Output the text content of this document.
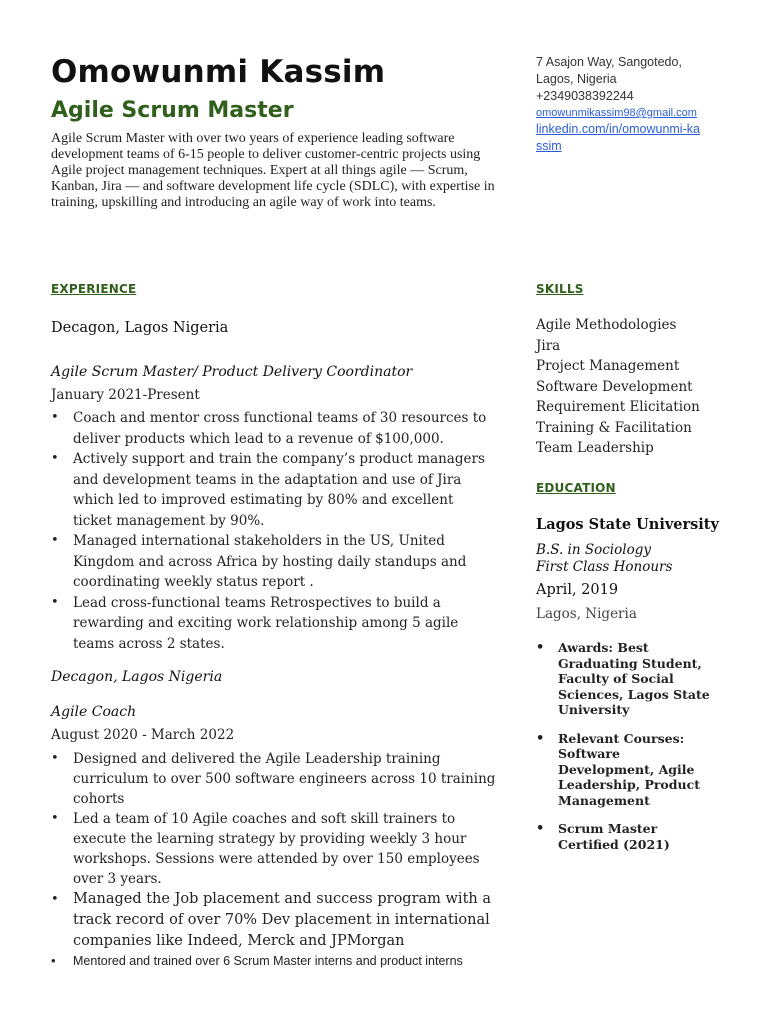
Omowunmi Kassim
Agile Scrum Master
Agile Scrum Master with over two years of experience leading software development teams of 6-15 people to deliver customer-centric projects using Agile project management techniques. Expert at all things agile — Scrum, Kanban, Jira — and software development life cycle (SDLC), with expertise in training, upskilling and introducing an agile way of work into teams.
7 Asajon Way, Sangotedo,
Lagos, Nigeria
+2349038392244
omowunmikassim98@gmail.com
linkedin.com/in/omowunmi-kassim
EXPERIENCE
Decagon, Lagos Nigeria
Agile Scrum Master/ Product Delivery Coordinator
January 2021-Present
• Coach and mentor cross functional teams of 30 resources to deliver products which lead to a revenue of $100,000.
• Actively support and train the company’s product managers and development teams in the adaptation and use of Jira which led to improved estimating by 80% and excellent ticket management by 90%.
• Managed international stakeholders in the US, United Kingdom and across Africa by hosting daily standups and coordinating weekly status report .
• Lead cross-functional teams Retrospectives to build a rewarding and exciting work relationship among 5 agile teams across 2 states.
Decagon, Lagos Nigeria
Agile Coach
August 2020 - March 2022
• Designed and delivered the Agile Leadership training curriculum to over 500 software engineers across 10 training cohorts
• Led a team of 10 Agile coaches and soft skill trainers to execute the learning strategy by providing weekly 3 hour workshops. Sessions were attended by over 150 employees over 3 years.
• Managed the Job placement and success program with a track record of over 70% Dev placement in international companies like Indeed, Merck and JPMorgan
• Mentored and trained over 6 Scrum Master interns and product interns
SKILLS
Agile Methodologies
Jira
Project Management
Software Development
Requirement Elicitation
Training & Facilitation
Team Leadership
EDUCATION
Lagos State University
B.S. in Sociology
First Class Honours
April, 2019
Lagos, Nigeria
• Awards: Best Graduating Student, Faculty of Social Sciences, Lagos State University
• Relevant Courses: Software Development, Agile Leadership, Product Management
• Scrum Master Certified (2021)
